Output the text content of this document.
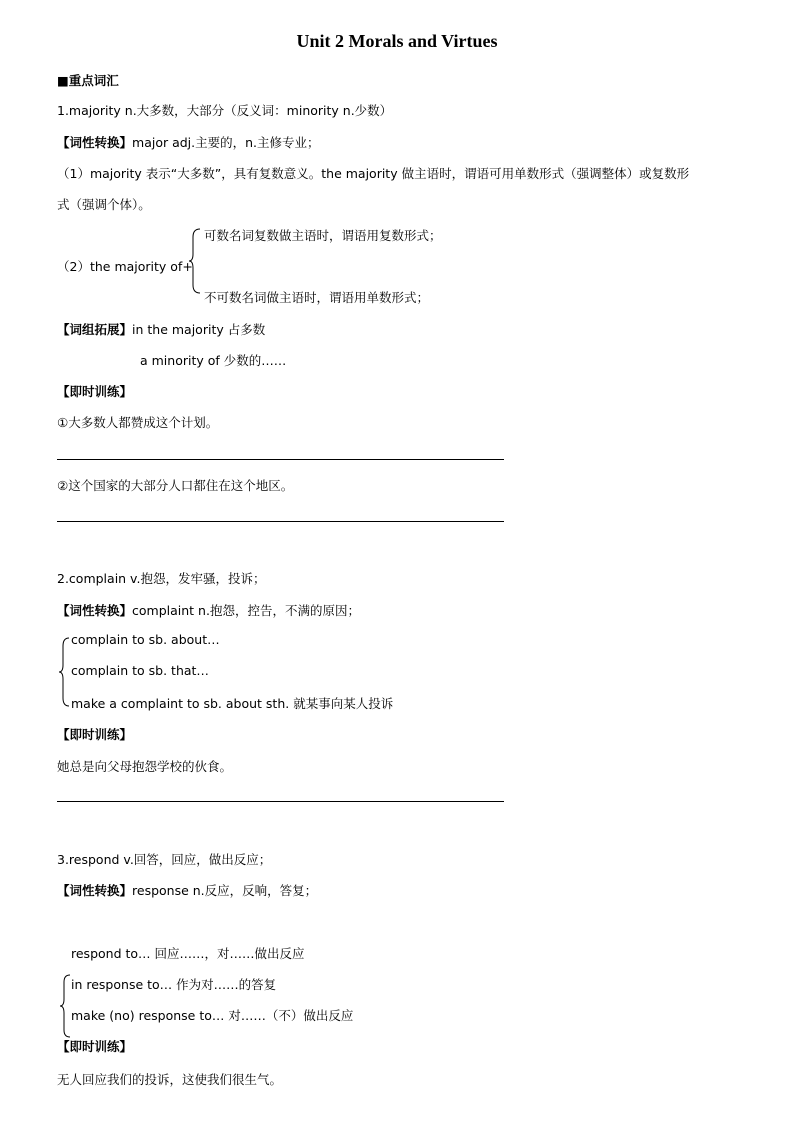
Unit 2 Morals and Virtues
■重点词汇
1.majority n.大多数，大部分（反义词：minority n.少数）
【词性转换】major adj.主要的，n.主修专业；
（1）majority 表示“大多数”，具有复数意义。the majority 做主语时，谓语可用单数形式（强调整体）或复数形
式（强调个体）。
（2）the majority of+
可数名词复数做主语时，谓语用复数形式；
不可数名词做主语时，谓语用单数形式；
【词组拓展】in the majority 占多数
a minority of 少数的……
【即时训练】
①大多数人都赞成这个计划。
②这个国家的大部分人口都住在这个地区。
2.complain v.抱怨，发牢骚，投诉；
【词性转换】complaint n.抱怨，控告，不满的原因；
complain to sb. about…
complain to sb. that…
make a complaint to sb. about sth. 就某事向某人投诉
【即时训练】
她总是向父母抱怨学校的伙食。
3.respond v.回答，回应，做出反应；
【词性转换】response n.反应，反响，答复；
respond to… 回应……，对……做出反应
in response to… 作为对……的答复
make (no) response to… 对……（不）做出反应
【即时训练】
无人回应我们的投诉，这使我们很生气。
